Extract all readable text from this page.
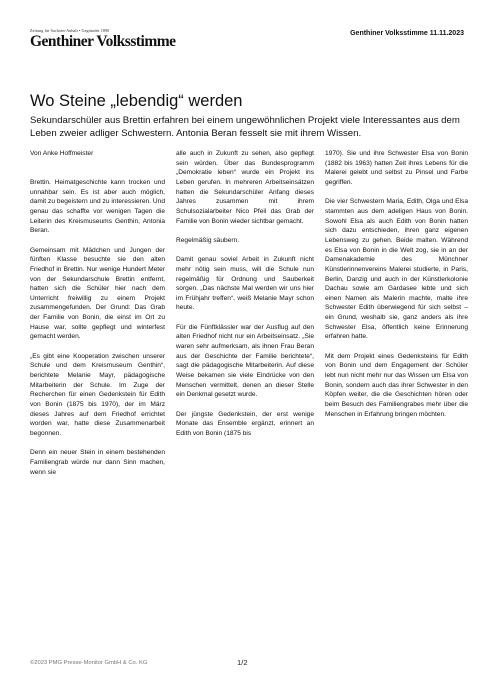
Zeitung für Sachsen-Anhalt • Gegründet 1890
Genthiner Volksstimme	Genthiner Volksstimme 11.11.2023
Wo Steine „lebendig“ werden
Sekundarschüler aus Brettin erfahren bei einem ungewöhnlichen Projekt viele Interessantes aus dem Leben zweier adliger Schwestern. Antonia Beran fesselt sie mit ihrem Wissen.

Von Anke Hoffmeister

Brettin. Heimatgeschichte kann trocken und unnahbar sein. Es ist aber auch möglich, damit zu begeistern und zu interessieren. Und genau das schaffte vor wenigen Tagen die Leiterin des Kreismuseums Genthin, Antonia Beran.

Gemeinsam mit Mädchen und Jungen der fünften Klasse besuchte sie den alten Friedhof in Brettin. Nur wenige Hundert Meter von der Sekundarschule Brettin entfernt, hatten sich die Schüler hier nach dem Unterricht freiwillig zu einem Projekt zusammengefunden. Der Grund: Das Grab der Familie von Bonin, die einst im Ort zu Hause war, sollte gepflegt und winterfest gemacht werden.

„Es gibt eine Kooperation zwischen unserer Schule und dem Kreismuseum Genthin“, berichtete Melanie Mayr, pädagogische Mitarbeiterin der Schule. Im Zuge der Recherchen für einen Gedenkstein für Edith von Bonin (1875 bis 1970), der im März dieses Jahres auf dem Friedhof errichtet worden war, hatte diese Zusammenarbeit begonnen.

Denn ein neuer Stein in einem bestehenden Familiengrab würde nur dann Sinn machen, wenn sie

alle auch in Zukunft zu sehen, also gepflegt sein würden. Über das Bundesprogramm „Demokratie leben“ wurde ein Projekt ins Leben gerufen. In mehreren Arbeitseinsätzen hatten die Sekundarschüler Anfang dieses Jahres zusammen mit ihrem Schulsozialarbeiter Nico Pfeil das Grab der Familie von Bonin wieder sichtbar gemacht.

Regelmäßig säubern.

Damit genau soviel Arbeit in Zukunft nicht mehr nötig sein muss, will die Schule nun regelmäßig für Ordnung und Sauberkeit sorgen. „Das nächste Mal werden wir uns hier im Frühjahr treffen“, weiß Melanie Mayr schon heute.

Für die Fünftklässler war der Ausflug auf den alten Friedhof nicht nur ein Arbeitseinsatz. „Sie waren sehr aufmerksam, als ihnen Frau Beran aus der Geschichte der Familie berichtete“, sagt die pädagogische Mitarbeiterin. Auf diese Weise bekamen sie viele Eindrücke von den Menschen vermittelt, denen an dieser Stelle ein Denkmal gesetzt wurde.

Der jüngste Gedenkstein, der erst wenige Monate das Ensemble ergänzt, erinnert an Edith von Bonin (1875 bis

1970). Sie und ihre Schwester Elsa von Bonin (1882 bis 1963) hatten Zeit ihres Lebens für die Malerei gelebt und selbst zu Pinsel und Farbe gegriffen.

Die vier Schwestern Maria, Edith, Olga und Elsa stammten aus dem adeligen Haus von Bonin. Sowohl Elsa als auch Edith von Bonin hatten sich dazu entschieden, ihren ganz eigenen Lebensweg zu gehen. Beide malten. Während es Elsa von Bonin in die Welt zog, sie in an der Damenakademie des Münchner Künstlerinnenvereins Malerei studierte, in Paris, Berlin, Danzig und auch in der Künstlerkolonie Dachau sowie am Gardasee lebte und sich einen Namen als Malerin machte, malte ihre Schwester Edith überwiegend für sich selbst – ein Grund, weshalb sie, ganz anders als ihre Schwester Elsa, öffentlich keine Erinnerung erfahren hatte.

Mit dem Projekt eines Gedenksteins für Edith von Bonin und dem Engagement der Schüler lebt nun nicht mehr nur das Wissen um Elsa von Bonin, sondern auch das ihrer Schwester in den Köpfen weiter, die die Geschichten hören oder beim Besuch des Familiengrabes mehr über die Menschen in Erfahrung bringen möchten.

©2023 PMG Presse-Monitor GmbH & Co. KG	1/2
